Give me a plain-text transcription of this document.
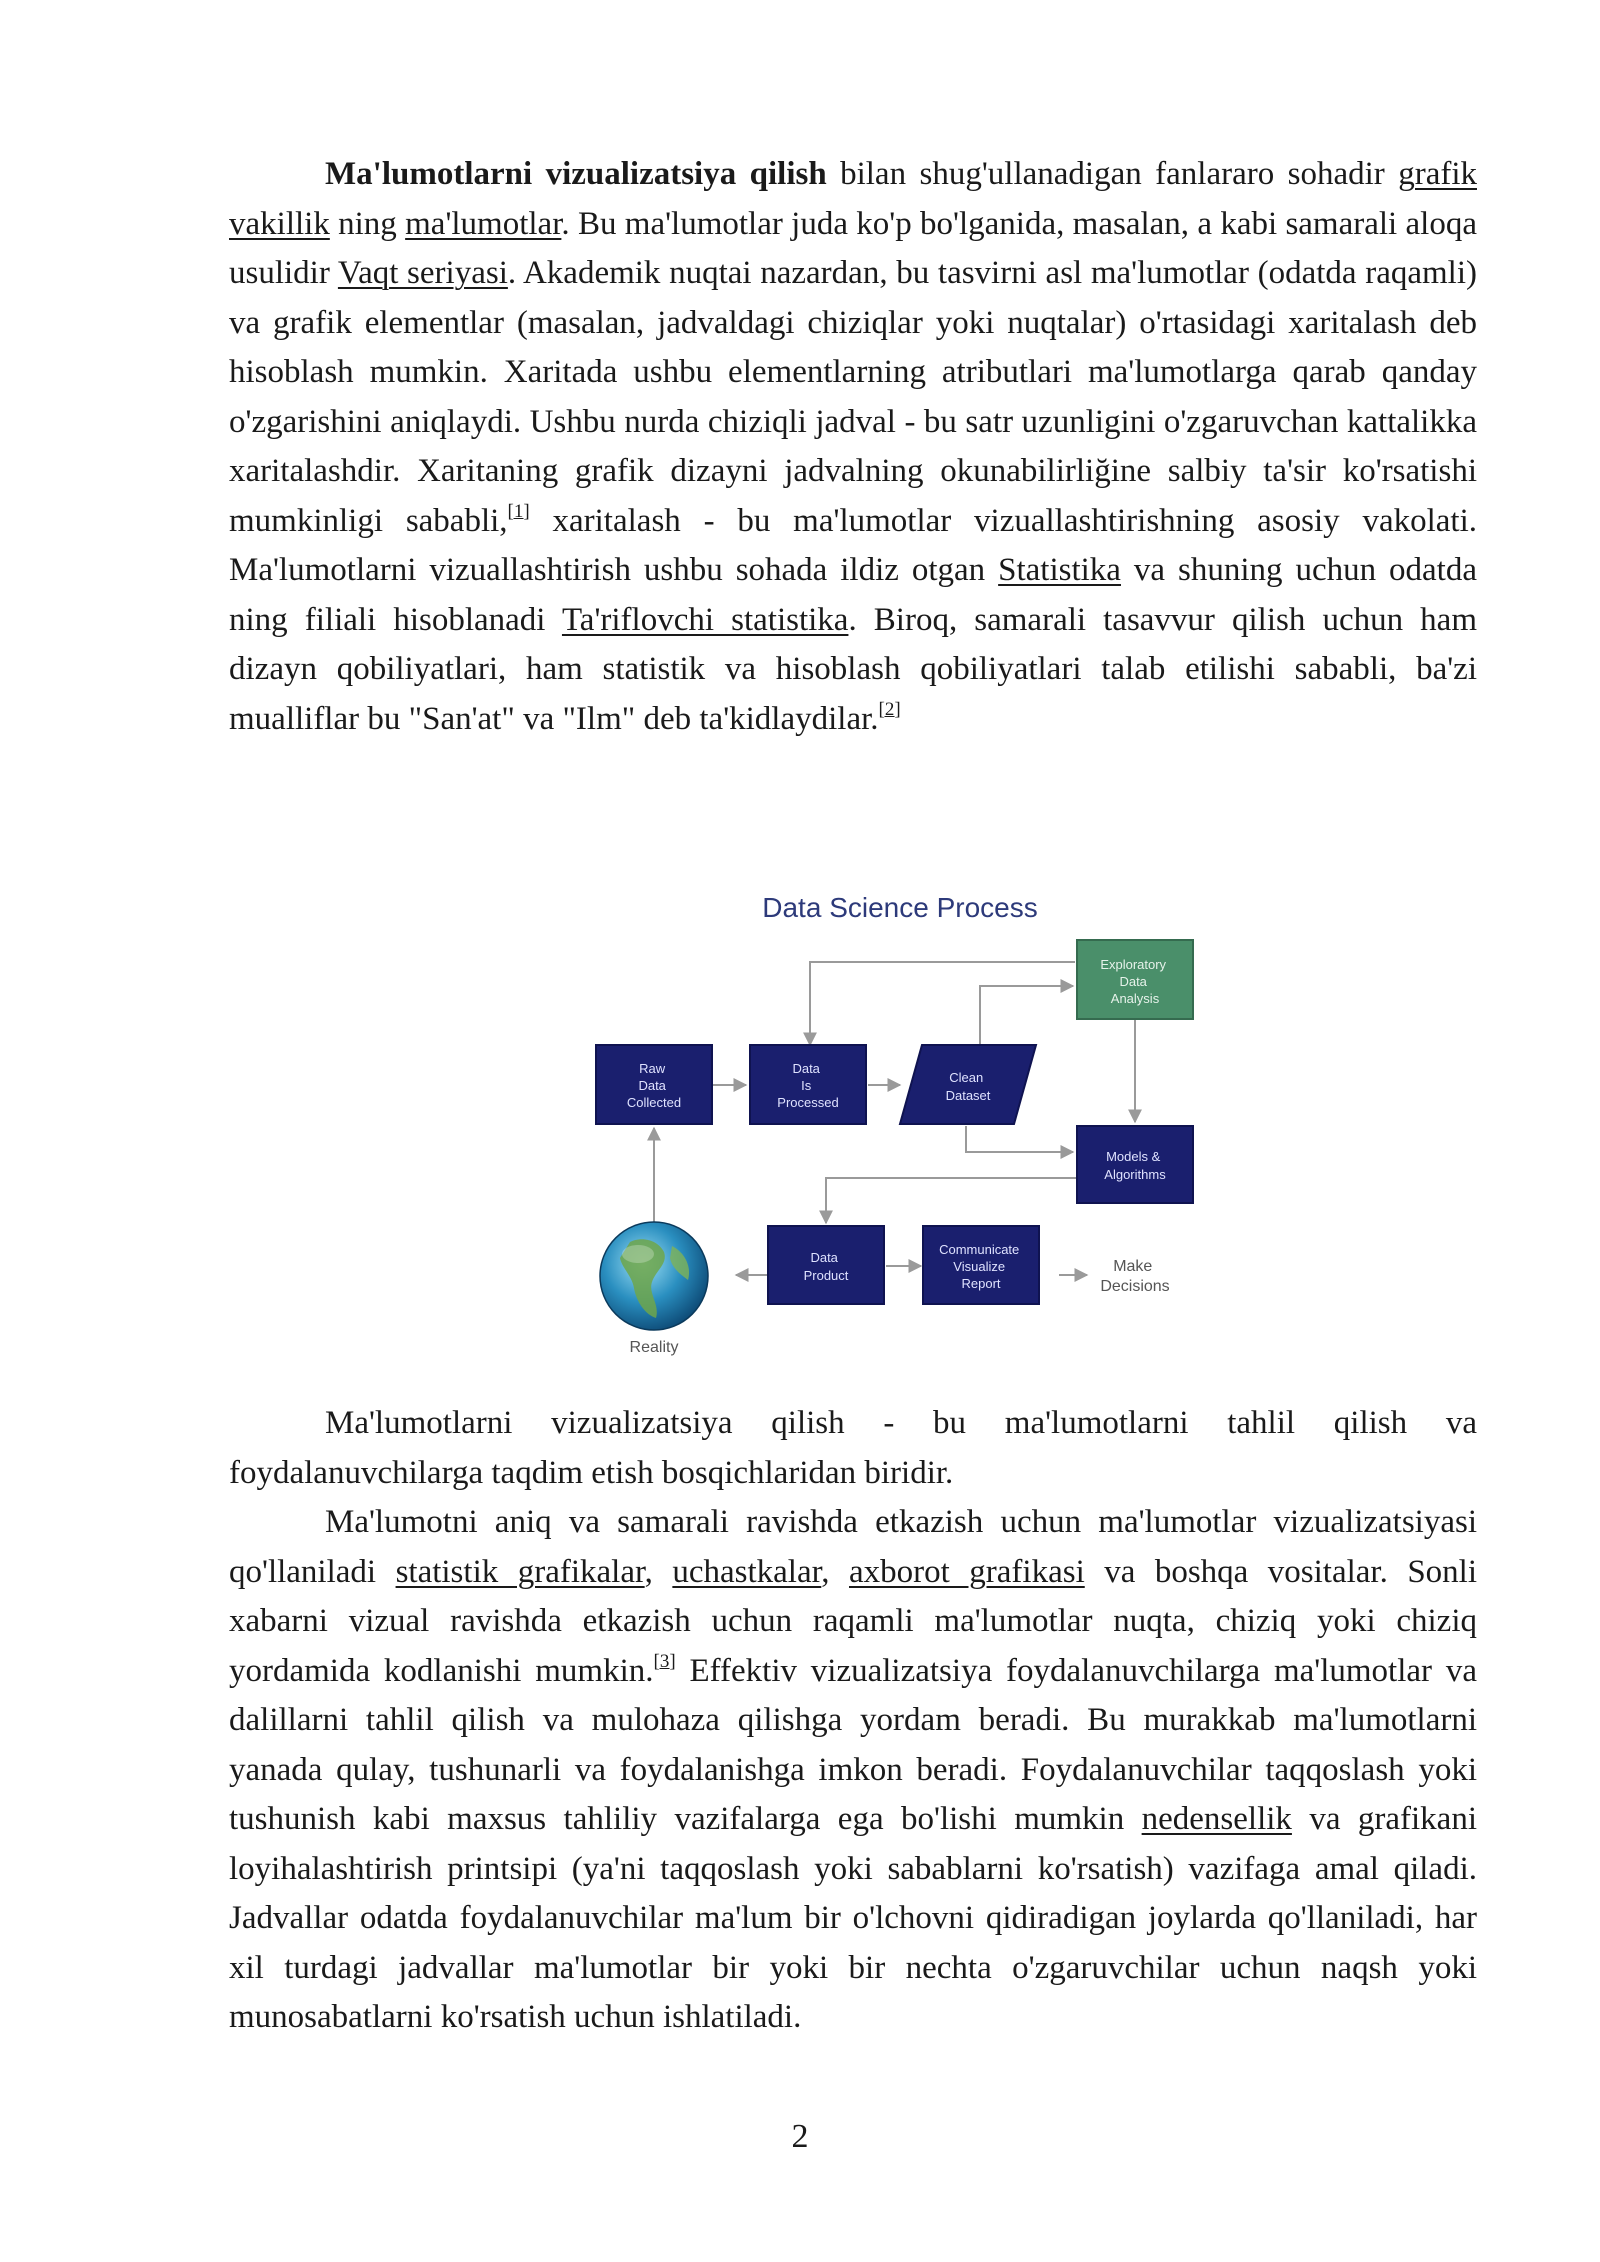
Ma'lumotlarni vizualizatsiya qilish bilan shug'ullanadigan fanlararo sohadir grafik vakillik ning ma'lumotlar. Bu ma'lumotlar juda ko'p bo'lganida, masalan, a kabi samarali aloqa usulidir Vaqt seriyasi. Akademik nuqtai nazardan, bu tasvirni asl ma'lumotlar (odatda raqamli) va grafik elementlar (masalan, jadvaldagi chiziqlar yoki nuqtalar) o'rtasidagi xaritalash deb hisoblash mumkin. Xaritada ushbu elementlarning atributlari ma'lumotlarga qarab qanday o'zgarishini aniqlaydi. Ushbu nurda chiziqli jadval - bu satr uzunligini o'zgaruvchan kattalikka xaritalashdir. Xaritaning grafik dizayni jadvalning okunabilirliğine salbiy ta'sir ko'rsatishi mumkinligi sababli,[1] xaritalash - bu ma'lumotlar vizuallashtirishning asosiy vakolati. Ma'lumotlarni vizuallashtirish ushbu sohada ildiz otgan Statistika va shuning uchun odatda ning filiali hisoblanadi Ta'riflovchi statistika. Biroq, samarali tasavvur qilish uchun ham dizayn qobiliyatlari, ham statistik va hisoblash qobiliyatlari talab etilishi sababli, ba'zi mualliflar bu "San'at" va "Ilm" deb ta'kidlaydilar.[2]

Data Science Process
Exploratory Data Analysis
Raw Data Collected
Data Is Processed
Clean Dataset
Models & Algorithms
Data Product
Communicate Visualize Report
Make Decisions
Reality

Ma'lumotlarni vizualizatsiya qilish - bu ma'lumotlarni tahlil qilish va foydalanuvchilarga taqdim etish bosqichlaridan biridir.

Ma'lumotni aniq va samarali ravishda etkazish uchun ma'lumotlar vizualizatsiyasi qo'llaniladi statistik grafikalar, uchastkalar, axborot grafikasi va boshqa vositalar. Sonli xabarni vizual ravishda etkazish uchun raqamli ma'lumotlar nuqta, chiziq yoki chiziq yordamida kodlanishi mumkin.[3] Effektiv vizualizatsiya foydalanuvchilarga ma'lumotlar va dalillarni tahlil qilish va mulohaza qilishga yordam beradi. Bu murakkab ma'lumotlarni yanada qulay, tushunarli va foydalanishga imkon beradi. Foydalanuvchilar taqqoslash yoki tushunish kabi maxsus tahliliy vazifalarga ega bo'lishi mumkin nedensellik va grafikani loyihalashtirish printsipi (ya'ni taqqoslash yoki sabablarni ko'rsatish) vazifaga amal qiladi. Jadvallar odatda foydalanuvchilar ma'lum bir o'lchovni qidiradigan joylarda qo'llaniladi, har xil turdagi jadvallar ma'lumotlar bir yoki bir nechta o'zgaruvchilar uchun naqsh yoki munosabatlarni ko'rsatish uchun ishlatiladi.

2
